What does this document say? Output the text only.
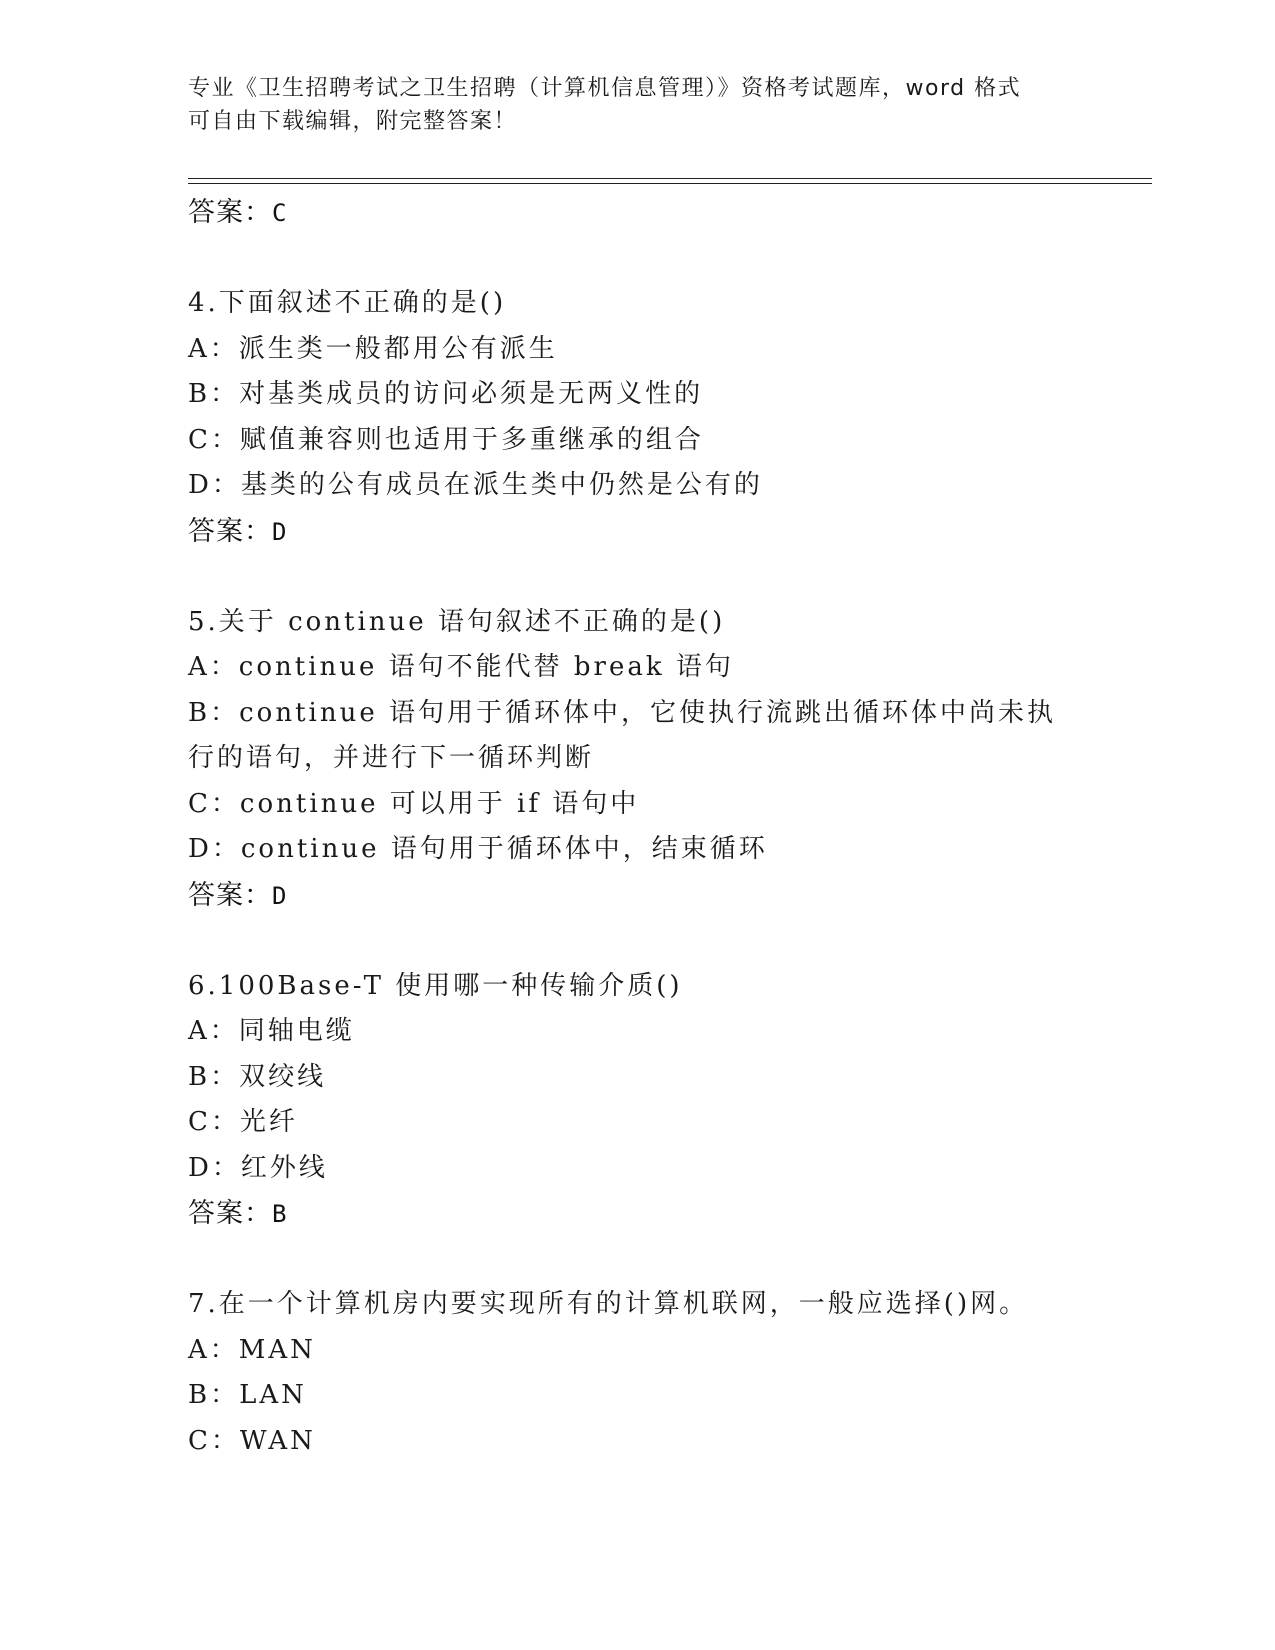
专业《卫生招聘考试之卫生招聘（计算机信息管理）》资格考试题库，word 格式
可自由下载编辑，附完整答案！
答案：C
4.下面叙述不正确的是()
A： 派生类一般都用公有派生
B： 对基类成员的访问必须是无两义性的
C： 赋值兼容则也适用于多重继承的组合
D： 基类的公有成员在派生类中仍然是公有的
答案：D
5.关于 continue 语句叙述不正确的是()
A： continue 语句不能代替 break 语句
B：continue 语句用于循环体中，它使执行流跳出循环体中尚未执行的语句，并进行下一循环判断
C： continue 可以用于 if 语句中
D： continue 语句用于循环体中，结束循环
答案：D
6.100Base-T 使用哪一种传输介质()
A： 同轴电缆
B： 双绞线
C： 光纤
D： 红外线
答案：B
7.在一个计算机房内要实现所有的计算机联网，一般应选择()网。
A： MAN
B： LAN
C： WAN
